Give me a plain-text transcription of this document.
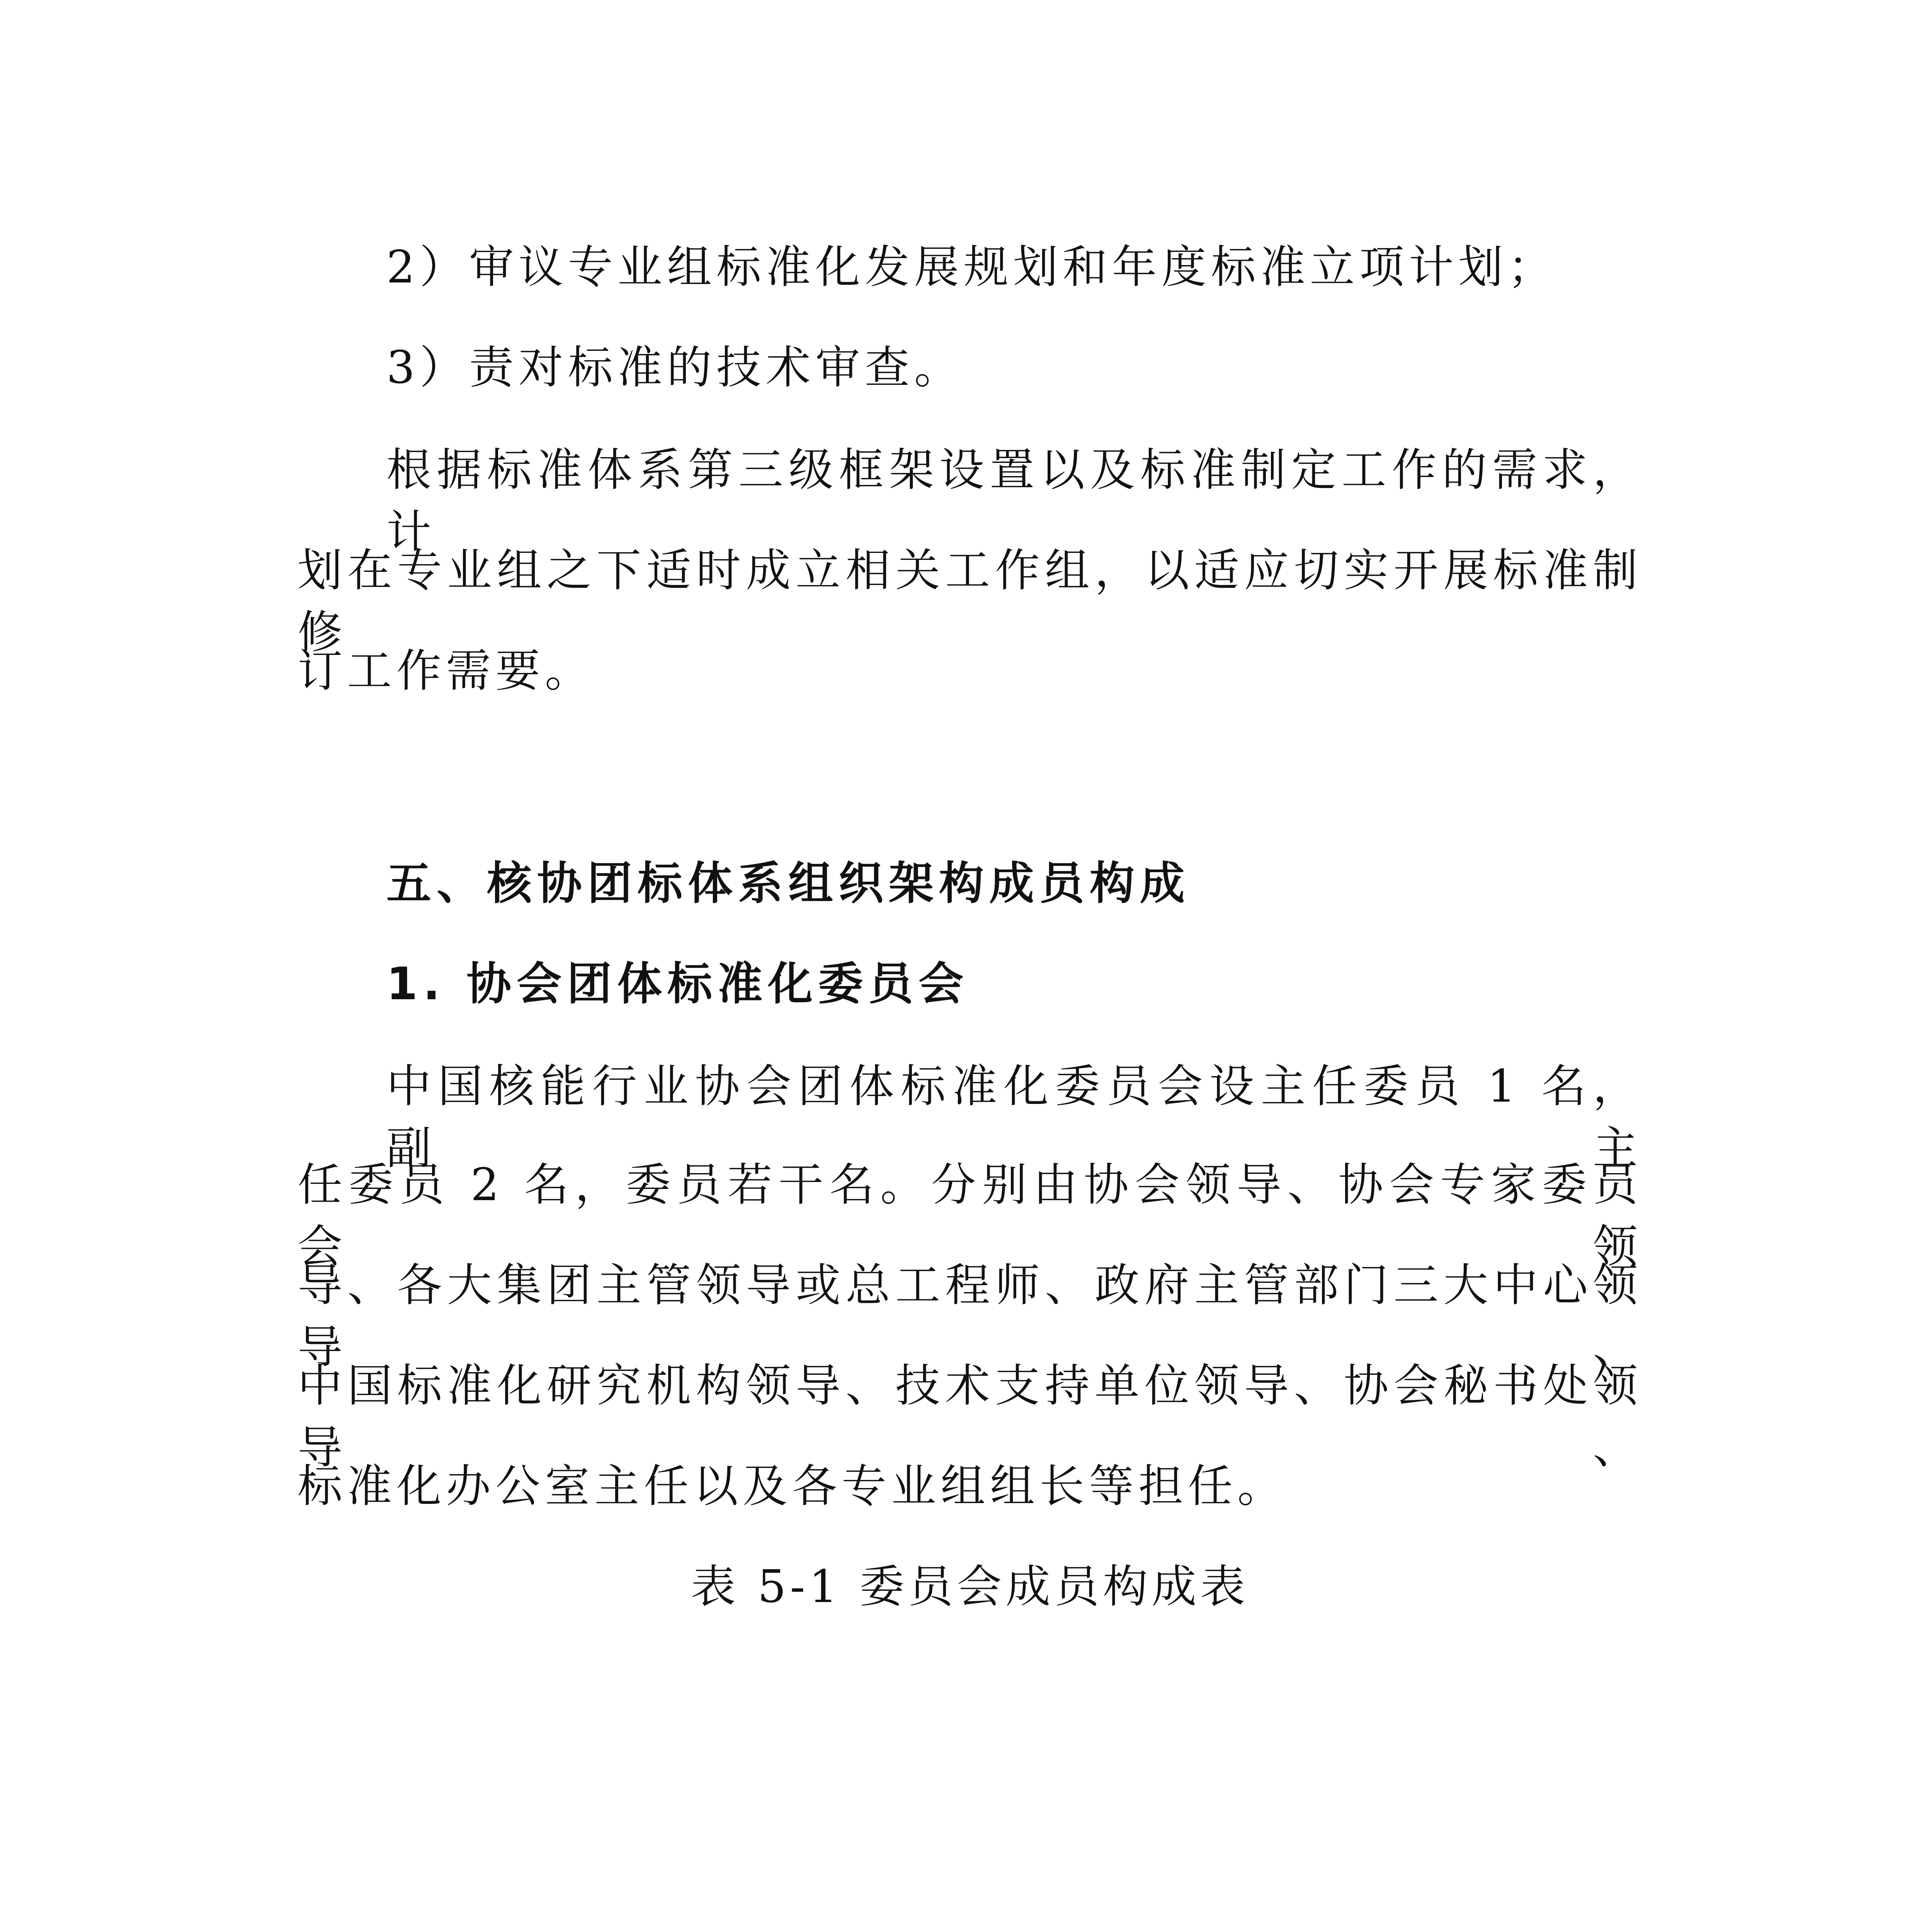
2）审议专业组标准化发展规划和年度标准立项计划；
3）责对标准的技术审查。
根据标准体系第三级框架设置以及标准制定工作的需求，计
划在专业组之下适时成立相关工作组，以适应切实开展标准制修
订工作需要。
五、核协团标体系组织架构成员构成
1. 协会团体标准化委员会
中国核能行业协会团体标准化委员会设主任委员 1 名，副主
任委员 2 名，委员若干名。分别由协会领导、协会专家委员会领
导、各大集团主管领导或总工程师、政府主管部门三大中心领导、
中国标准化研究机构领导、技术支持单位领导、协会秘书处领导、
标准化办公室主任以及各专业组组长等担任。
表 5-1 委员会成员构成表
